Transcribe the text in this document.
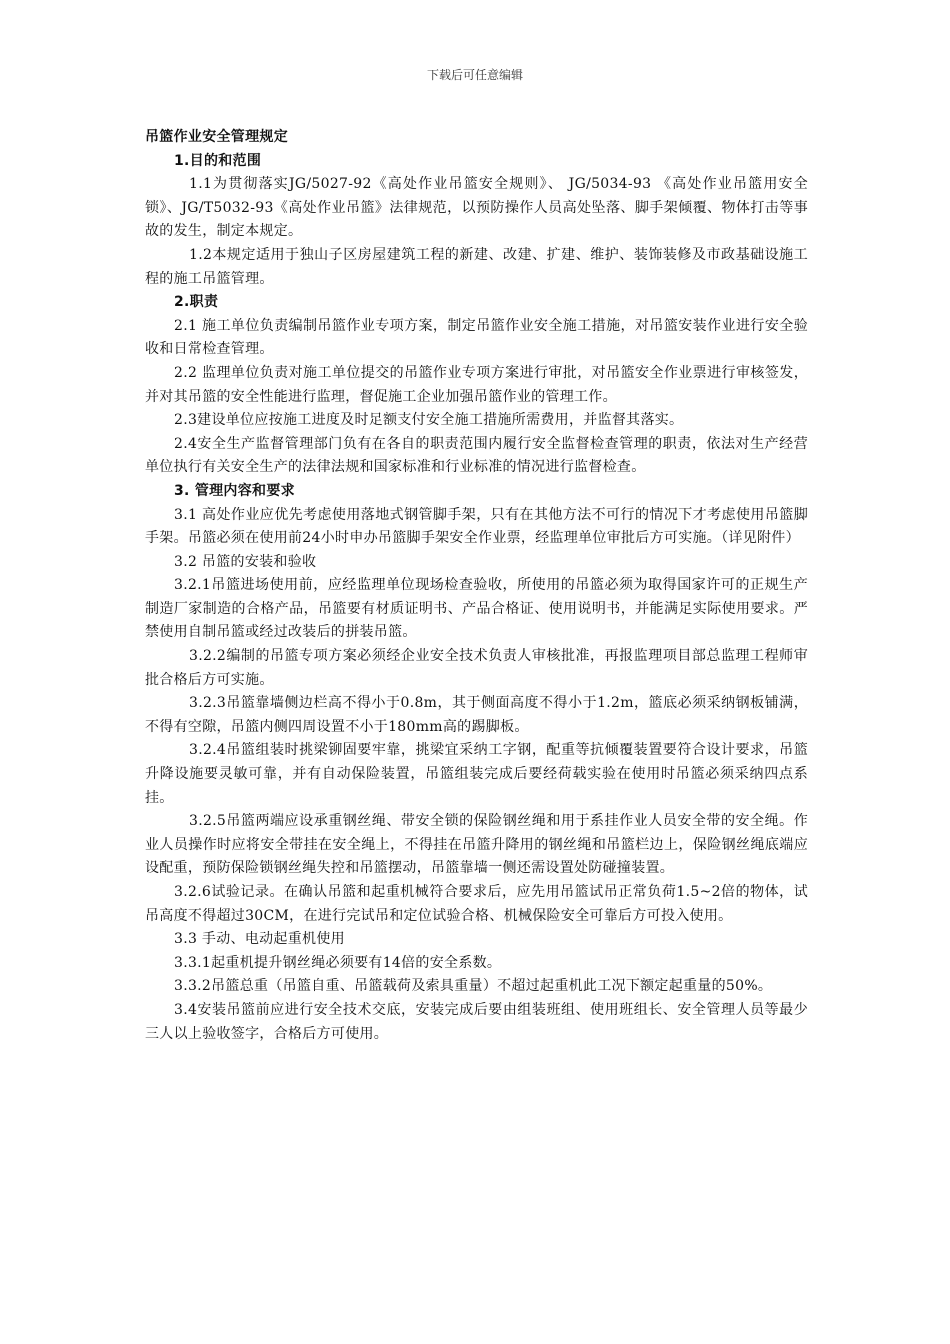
下载后可任意编辑
吊篮作业安全管理规定
1.目的和范围

1.1为贯彻落实JG/5027-92《高处作业吊篮安全规则》、 JG/5034-93 《高处作业吊篮用安全锁》、JG/T5032-93《高处作业吊篮》法律规范，以预防操作人员高处坠落、脚手架倾覆、物体打击等事故的发生，制定本规定。

1.2本规定适用于独山子区房屋建筑工程的新建、改建、扩建、维护、装饰装修及市政基础设施工程的施工吊篮管理。

2.职责

2.1 施工单位负责编制吊篮作业专项方案，制定吊篮作业安全施工措施，对吊篮安装作业进行安全验收和日常检查管理。

2.2 监理单位负责对施工单位提交的吊篮作业专项方案进行审批，对吊篮安全作业票进行审核签发，并对其吊篮的安全性能进行监理，督促施工企业加强吊篮作业的管理工作。

2.3建设单位应按施工进度及时足额支付安全施工措施所需费用，并监督其落实。

2.4安全生产监督管理部门负有在各自的职责范围内履行安全监督检查管理的职责，依法对生产经营单位执行有关安全生产的法律法规和国家标准和行业标准的情况进行监督检查。

3. 管理内容和要求

3.1 高处作业应优先考虑使用落地式钢管脚手架，只有在其他方法不可行的情况下才考虑使用吊篮脚手架。吊篮必须在使用前24小时申办吊篮脚手架安全作业票，经监理单位审批后方可实施。（详见附件）

3.2 吊篮的安装和验收

3.2.1吊篮进场使用前，应经监理单位现场检查验收，所使用的吊篮必须为取得国家许可的正规生产制造厂家制造的合格产品，吊篮要有材质证明书、产品合格证、使用说明书，并能满足实际使用要求。严禁使用自制吊篮或经过改装后的拼装吊篮。

3.2.2编制的吊篮专项方案必须经企业安全技术负责人审核批准，再报监理项目部总监理工程师审批合格后方可实施。

3.2.3吊篮靠墙侧边栏高不得小于0.8m，其于侧面高度不得小于1.2m，篮底必须采纳钢板铺满，不得有空隙，吊篮内侧四周设置不小于180mm高的踢脚板。

3.2.4吊篮组装时挑梁铆固要牢靠，挑梁宜采纳工字钢，配重等抗倾覆装置要符合设计要求，吊篮升降设施要灵敏可靠，并有自动保险装置，吊篮组装完成后要经荷载实验在使用时吊篮必须采纳四点系挂。

3.2.5吊篮两端应设承重钢丝绳、带安全锁的保险钢丝绳和用于系挂作业人员安全带的安全绳。作业人员操作时应将安全带挂在安全绳上，不得挂在吊篮升降用的钢丝绳和吊篮栏边上，保险钢丝绳底端应设配重，预防保险锁钢丝绳失控和吊篮摆动，吊篮靠墙一侧还需设置处防碰撞装置。

3.2.6试验记录。在确认吊篮和起重机械符合要求后，应先用吊篮试吊正常负荷1.5~2倍的物体，试吊高度不得超过30CM，在进行完试吊和定位试验合格、机械保险安全可靠后方可投入使用。

3.3 手动、电动起重机使用

3.3.1起重机提升钢丝绳必须要有14倍的安全系数。

3.3.2吊篮总重（吊篮自重、吊篮载荷及索具重量）不超过起重机此工况下额定起重量的50%。

3.4安装吊篮前应进行安全技术交底，安装完成后要由组装班组、使用班组长、安全管理人员等最少三人以上验收签字，合格后方可使用。
